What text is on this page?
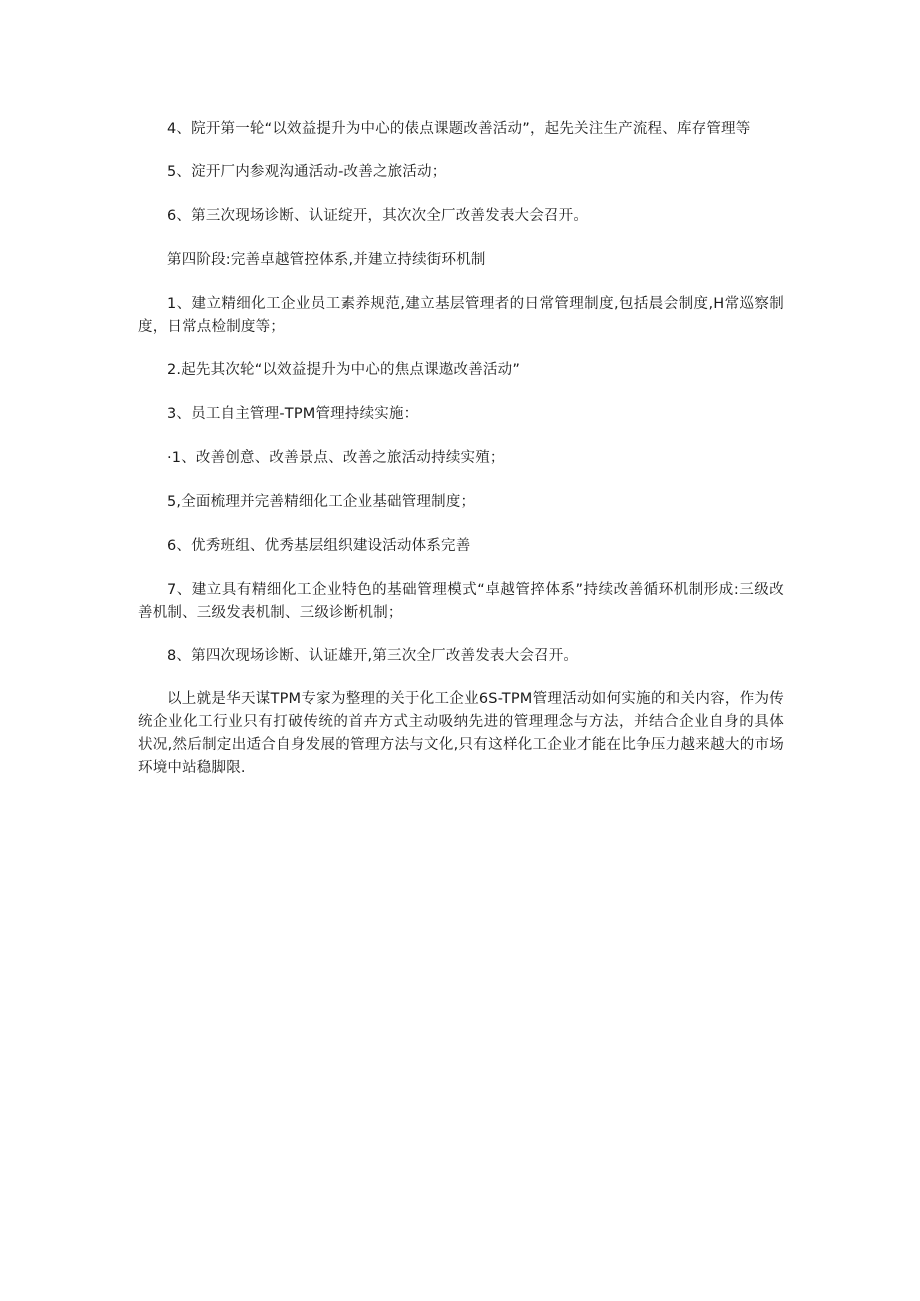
4、院开第一轮“以效益提升为中心的俵点课题改善活动”，起先关注生产流程、库存管理等

5、淀开厂内参观沟通活动-改善之旅活动；

6、第三次现场诊断、认证绽开，其次次全厂改善发表大会召开。

第四阶段:完善卓越管控体系,并建立持续街环机制

1、建立精细化工企业员工素养规范,建立基层管理者的日常管理制度,包括晨会制度,H常巡察制度，日常点检制度等；

2.起先其次轮“以效益提升为中心的焦点课遨改善活动”

3、员工自主管理-TPM管理持续实施：

·1、改善创意、改善景点、改善之旅活动持续实殖；

5,全面梳理并完善精细化工企业基础管理制度；

6、优秀班组、优秀基层组织建设活动体系完善

7、建立具有精细化工企业特色的基础管理模式“卓越管捽体系”持续改善循环机制形成:三级改善机制、三级发表机制、三级诊断机制；

8、第四次现场诊断、认证雄开,第三次全厂改善发表大会召开。

以上就是华天谋TPM专家为整理的关于化工企业6S-TPM管理活动如何实施的和关内容，作为传统企业化工行业只有打破传统的首卉方式主动吸纳先进的管理理念与方法，并结合企业自身的具体状况,然后制定出适合自身发展的管理方法与文化,只有这样化工企业才能在比争压力越来越大的市场环境中站稳脚限.
